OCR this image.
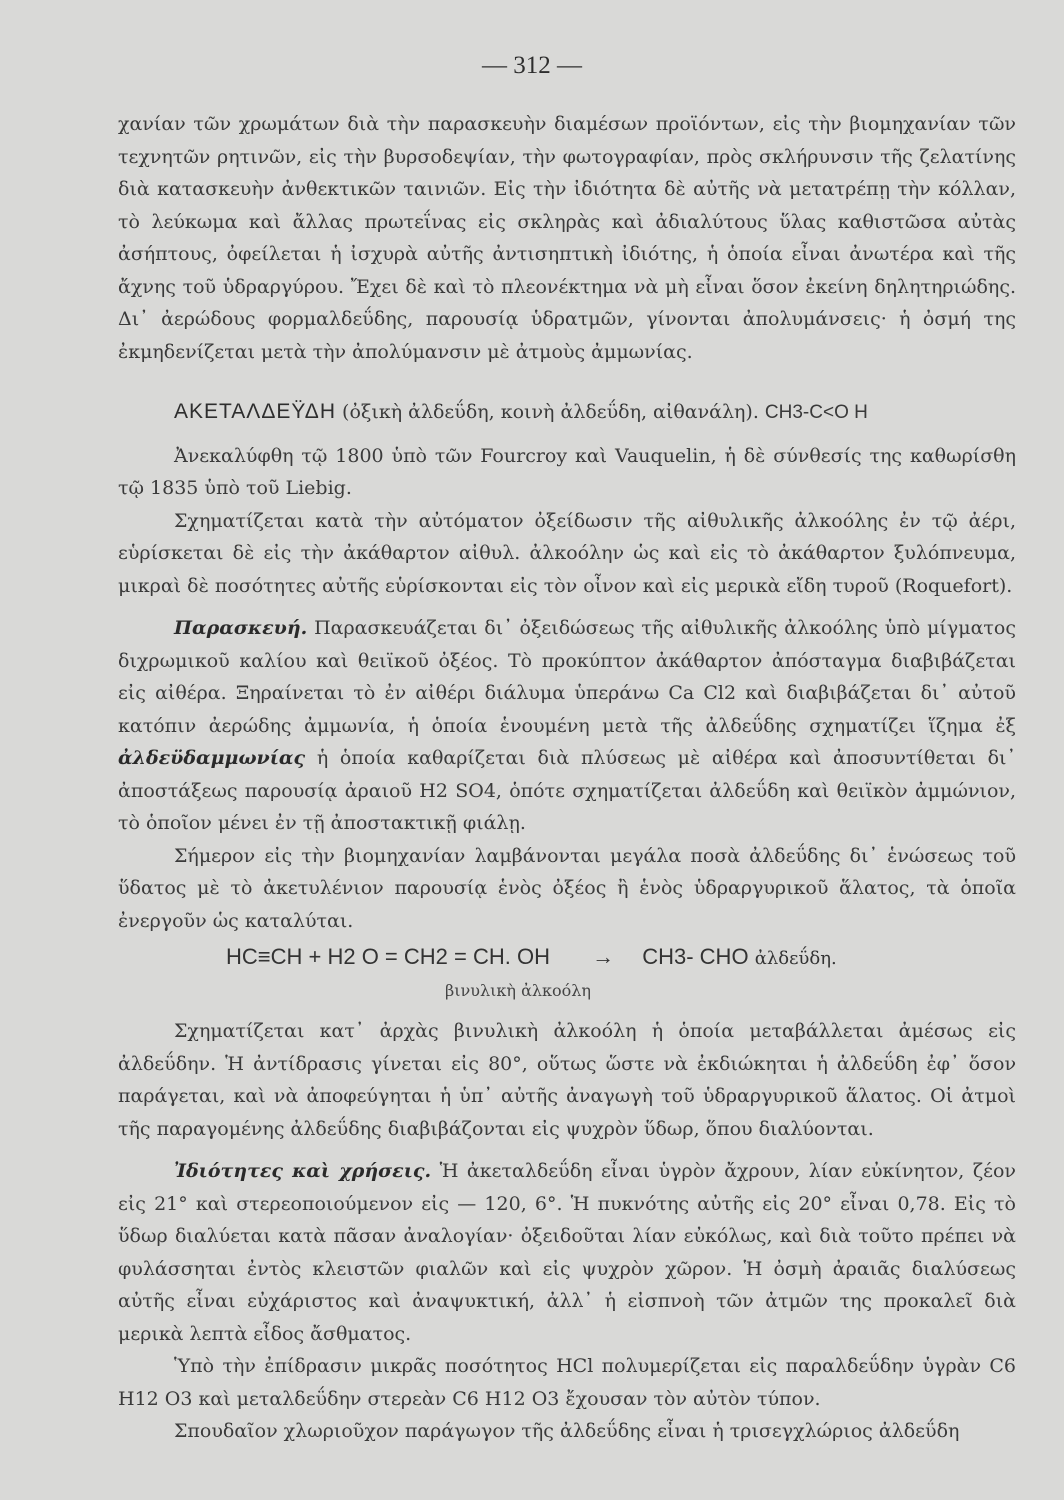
— 312 —

χανίαν τῶν χρωμάτων διὰ τὴν παρασκευὴν διαμέσων προϊόντων, εἰς τὴν βιομηχανίαν τῶν τεχνητῶν ρητινῶν, εἰς τὴν βυρσοδεψίαν, τὴν φωτογραφίαν, πρὸς σκλήρυνσιν τῆς ζελατίνης διὰ κατασκευὴν ἀνθεκτικῶν ταινιῶν. Εἰς τὴν ἰδιότητα δὲ αὐτῆς νὰ μετατρέπῃ τὴν κόλλαν, τὸ λεύκωμα καὶ ἄλλας πρωτεΐνας εἰς σκληρὰς καὶ ἀδιαλύτους ὕλας καθιστῶσα αὐτὰς ἀσήπτους, ὀφείλεται ἡ ἰσχυρὰ αὐτῆς ἀντισηπτικὴ ἰδιότης, ἡ ὁποία εἶναι ἀνωτέρα καὶ τῆς ἄχνης τοῦ ὑδραργύρου. Ἔχει δὲ καὶ τὸ πλεονέκτημα νὰ μὴ εἶναι ὅσον ἐκείνη δηλητηριώδης. Δι᾽ ἀερώδους φορμαλδεΰδης, παρουσίᾳ ὑδρατμῶν, γίνονται ἀπολυμάνσεις· ἡ ὀσμή της ἐκμηδενίζεται μετὰ τὴν ἀπολύμανσιν μὲ ἀτμοὺς ἀμμωνίας.

ΑΚΕΤΑΛΔΕΫΔΗ (ὀξικὴ ἀλδεΰδη, κοινὴ ἀλδεΰδη, αἰθανάλη). CH3-C<O H

Ἀνεκαλύφθη τῷ 1800 ὑπὸ τῶν Fourcroy καὶ Vauquelin, ἡ δὲ σύνθεσίς της καθωρίσθη τῷ 1835 ὑπὸ τοῦ Liebig.

Σχηματίζεται κατὰ τὴν αὐτόματον ὀξείδωσιν τῆς αἰθυλικῆς ἀλκοόλης ἐν τῷ ἀέρι, εὑρίσκεται δὲ εἰς τὴν ἀκάθαρτον αἰθυλ. ἀλκοόλην ὡς καὶ εἰς τὸ ἀκάθαρτον ξυλόπνευμα, μικραὶ δὲ ποσότητες αὐτῆς εὑρίσκονται εἰς τὸν οἶνον καὶ εἰς μερικὰ εἴδη τυροῦ (Roquefort).

Παρασκευή. Παρασκευάζεται δι᾽ ὀξειδώσεως τῆς αἰθυλικῆς ἀλκοόλης ὑπὸ μίγματος διχρωμικοῦ καλίου καὶ θειϊκοῦ ὀξέος. Τὸ προκύπτον ἀκάθαρτον ἀπόσταγμα διαβιβάζεται εἰς αἰθέρα. Ξηραίνεται τὸ ἐν αἰθέρι διάλυμα ὑπεράνω Ca Cl2 καὶ διαβιβάζεται δι᾽ αὐτοῦ κατόπιν ἀερώδης ἀμμωνία, ἡ ὁποία ἑνουμένη μετὰ τῆς ἀλδεΰδης σχηματίζει ἵζημα ἐξ ἀλδεϋδαμμωνίας ἡ ὁποία καθαρίζεται διὰ πλύσεως μὲ αἰθέρα καὶ ἀποσυντίθεται δι᾽ ἀποστάξεως παρουσίᾳ ἀραιοῦ H2 SO4, ὁπότε σχηματίζεται ἀλδεΰδη καὶ θειϊκὸν ἀμμώνιον, τὸ ὁποῖον μένει ἐν τῇ ἀποστακτικῇ φιάλῃ.

Σήμερον εἰς τὴν βιομηχανίαν λαμβάνονται μεγάλα ποσὰ ἀλδεΰδης δι᾽ ἑνώσεως τοῦ ὕδατος μὲ τὸ ἀκετυλένιον παρουσίᾳ ἑνὸς ὀξέος ἢ ἑνὸς ὑδραργυρικοῦ ἅλατος, τὰ ὁποῖα ἐνεργοῦν ὡς καταλύται.

HC≡CH + H2 O = CH2 = CH. OH → CH3- CHO ἀλδεΰδη.
βινυλικὴ ἀλκοόλη

Σχηματίζεται κατ᾽ ἀρχὰς βινυλικὴ ἀλκοόλη ἡ ὁποία μεταβάλλεται ἀμέσως εἰς ἀλδεΰδην. Ἡ ἀντίδρασις γίνεται εἰς 80°, οὕτως ὥστε νὰ ἐκδιώκηται ἡ ἀλδεΰδη ἐφ᾽ ὅσον παράγεται, καὶ νὰ ἀποφεύγηται ἡ ὑπ᾽ αὐτῆς ἀναγωγὴ τοῦ ὑδραργυρικοῦ ἅλατος. Οἱ ἀτμοὶ τῆς παραγομένης ἀλδεΰδης διαβιβάζονται εἰς ψυχρὸν ὕδωρ, ὅπου διαλύονται.

Ἰδιότητες καὶ χρήσεις. Ἡ ἀκεταλδεΰδη εἶναι ὑγρὸν ἄχρουν, λίαν εὐκίνητον, ζέον εἰς 21° καὶ στερεοποιούμενον εἰς — 120, 6°. Ἡ πυκνότης αὐτῆς εἰς 20° εἶναι 0,78. Εἰς τὸ ὕδωρ διαλύεται κατὰ πᾶσαν ἀναλογίαν· ὀξειδοῦται λίαν εὐκόλως, καὶ διὰ τοῦτο πρέπει νὰ φυλάσσηται ἐντὸς κλειστῶν φιαλῶν καὶ εἰς ψυχρὸν χῶρον. Ἡ ὀσμὴ ἀραιᾶς διαλύσεως αὐτῆς εἶναι εὐχάριστος καὶ ἀναψυκτική, ἀλλ᾽ ἡ εἰσπνοὴ τῶν ἀτμῶν της προκαλεῖ διὰ μερικὰ λεπτὰ εἶδος ἄσθματος.

Ὑπὸ τὴν ἐπίδρασιν μικρᾶς ποσότητος HCl πολυμερίζεται εἰς παραλδεΰδην ὑγρὰν C6 H12 O3 καὶ μεταλδεΰδην στερεὰν C6 H12 O3 ἔχουσαν τὸν αὐτὸν τύπον.

Σπουδαῖον χλωριοῦχον παράγωγον τῆς ἀλδεΰδης εἶναι ἡ τρισεγχλώριος ἀλδεΰδη
